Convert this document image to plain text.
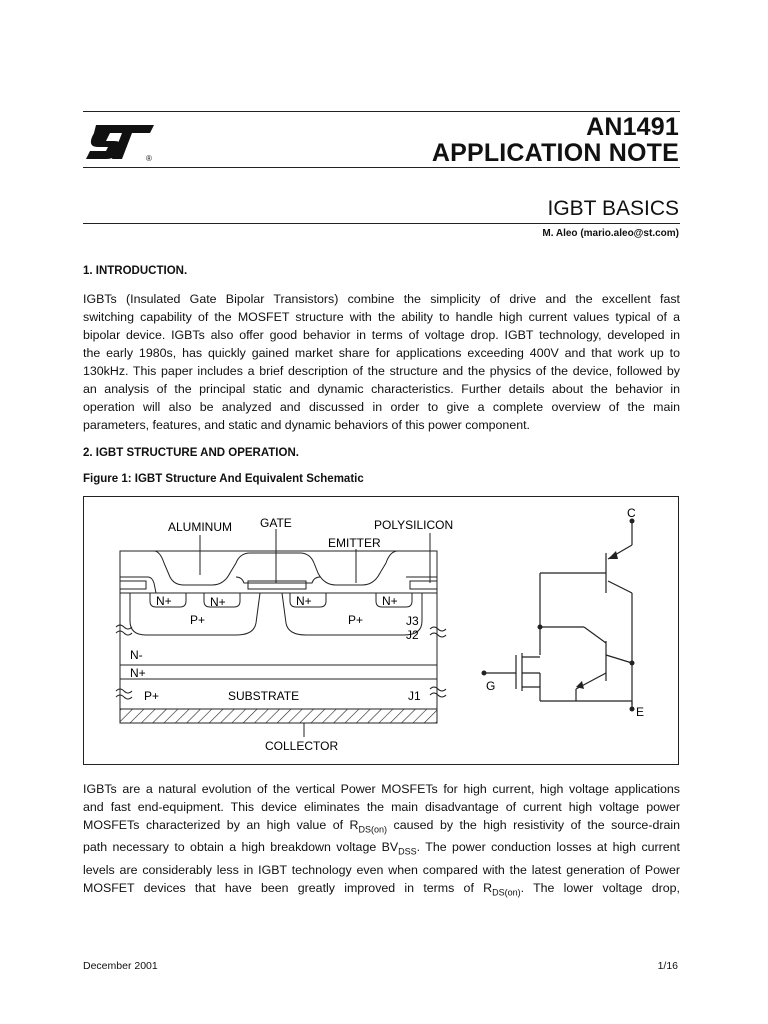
®
AN1491
APPLICATION NOTE
IGBT BASICS
M. Aleo (mario.aleo@st.com)
1. INTRODUCTION.
IGBTs (Insulated Gate Bipolar Transistors) combine the simplicity of drive and the excellent fast
switching capability of the MOSFET structure with the ability to handle high current values typical of a
bipolar device. IGBTs also offer good behavior in terms of voltage drop. IGBT technology, developed in
the early 1980s, has quickly gained market share for applications exceeding 400V and that work up to
130kHz. This paper includes a brief description of the structure and the physics of the device, followed by
an analysis of the principal static and dynamic characteristics. Further details about the behavior in
operation will also be analyzed and discussed in order to give a complete overview of the main
parameters, features, and static and dynamic behaviors of this power component.
2. IGBT STRUCTURE AND OPERATION.
Figure 1: IGBT Structure And Equivalent Schematic
ALUMINUM GATE	POLYSILICON
EMITTER
N+	N+	N+	N+
P+	P+	J3
J2
N-
N+
P+	SUBSTRATE	J1
COLLECTOR
C
G
E
IGBTs are a natural evolution of the vertical Power MOSFETs for high current, high voltage applications
and fast end-equipment. This device eliminates the main disadvantage of current high voltage power
MOSFETs characterized by an high value of $R_{DS(on)}$ caused by the high resistivity of the source-drain
path necessary to obtain a high breakdown voltage $BV_{DSS}$. The power conduction losses at high current
levels are considerably less in IGBT technology even when compared with the latest generation of Power
MOSFET devices that have been greatly improved in terms of $R_{DS(on)}$. The lower voltage drop,
December 2001	1/16
